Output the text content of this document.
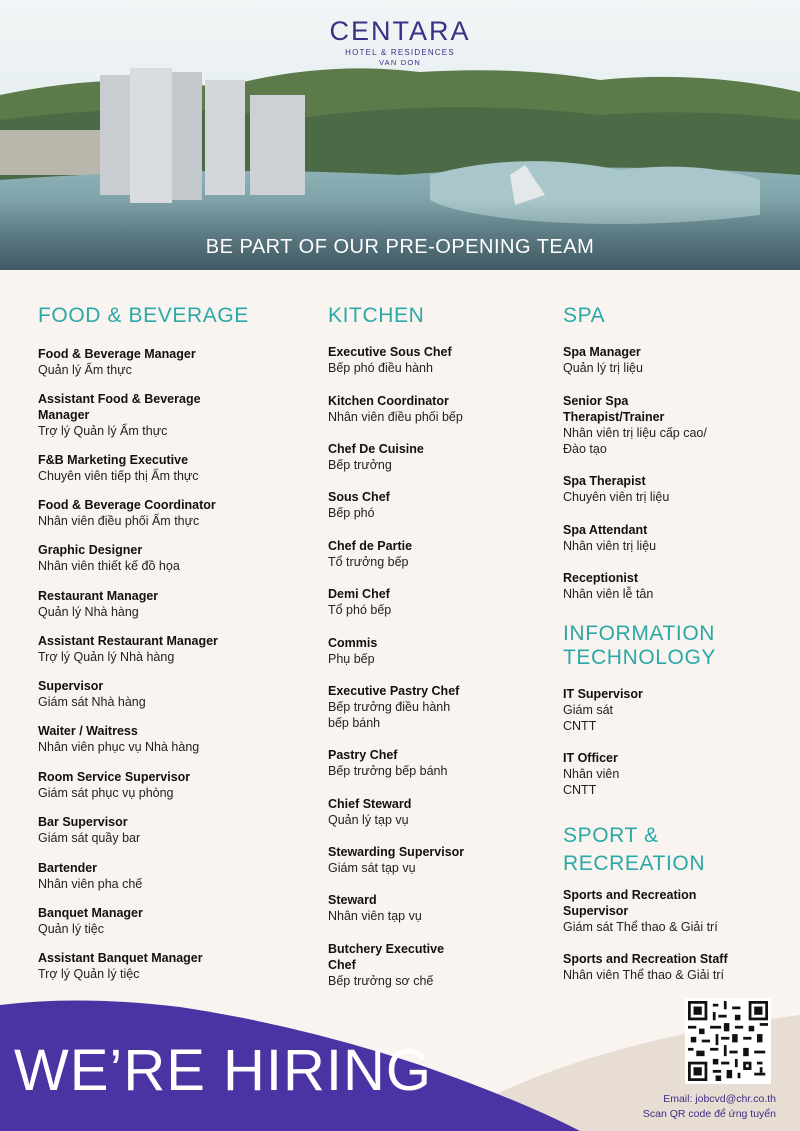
CENTARA
HOTEL & RESIDENCES
VAN DON
BE PART OF OUR PRE-OPENING TEAM
FOOD & BEVERAGE
Food & Beverage Manager
Quản lý Ẩm thực
Assistant Food & Beverage
Manager
Trợ lý Quản lý Ẩm thực
F&B Marketing Executive
Chuyên viên tiếp thị Ẩm thực
Food & Beverage Coordinator
Nhân viên điều phối Ẩm thực
Graphic Designer
Nhân viên thiết kế đồ họa
Restaurant Manager
Quản lý Nhà hàng
Assistant Restaurant Manager
Trợ lý Quản lý Nhà hàng
Supervisor
Giám sát Nhà hàng
Waiter / Waitress
Nhân viên phục vụ Nhà hàng
Room Service Supervisor
Giám sát phục vụ phòng
Bar Supervisor
Giám sát quầy bar
Bartender
Nhân viên pha chế
Banquet Manager
Quản lý tiệc
Assistant Banquet Manager
Trợ lý Quản lý tiệc
KITCHEN
Executive Sous Chef
Bếp phó điều hành
Kitchen Coordinator
Nhân viên điều phối bếp
Chef De Cuisine
Bếp trưởng
Sous Chef
Bếp phó
Chef de Partie
Tổ trưởng bếp
Demi Chef
Tổ phó bếp
Commis
Phụ bếp
Executive Pastry Chef
Bếp trưởng điều hành
bếp bánh
Pastry Chef
Bếp trưởng bếp bánh
Chief Steward
Quản lý tạp vụ
Stewarding Supervisor
Giám sát tạp vụ
Steward
Nhân viên tạp vụ
Butchery Executive
Chef
Bếp trưởng sơ chế
SPA
Spa Manager
Quản lý trị liệu
Senior Spa
Therapist/Trainer
Nhân viên trị liệu cấp cao/
Đào tạo
Spa Therapist
Chuyên viên trị liệu
Spa Attendant
Nhân viên trị liệu
Receptionist
Nhân viên lễ tân
INFORMATION
TECHNOLOGY
IT Supervisor
Giám sát
CNTT
IT Officer
Nhân viên
CNTT
SPORT &
RECREATION
Sports and Recreation
Supervisor
Giám sát Thể thao & Giải trí
Sports and Recreation Staff
Nhân viên Thể thao & Giải trí
WE’RE HIRING	Email: jobcvd@chr.co.th
Scan QR code để ứng tuyển
